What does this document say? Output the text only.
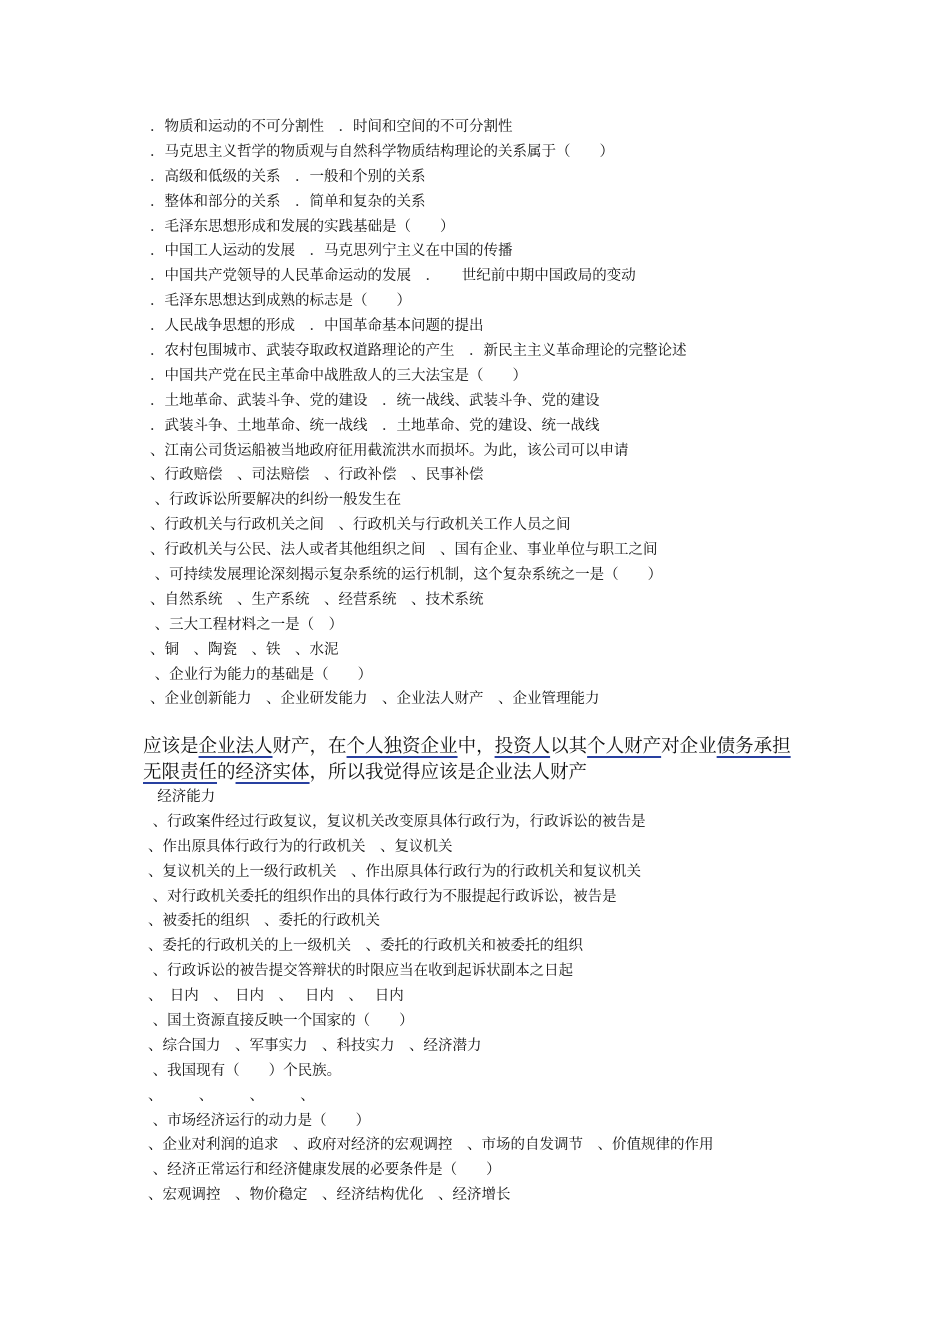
．物质和运动的不可分割性　．时间和空间的不可分割性
．马克思主义哲学的物质观与自然科学物质结构理论的关系属于（　　）
．高级和低级的关系　．一般和个别的关系
．整体和部分的关系　．简单和复杂的关系
．毛泽东思想形成和发展的实践基础是（　　）
．中国工人运动的发展　．马克思列宁主义在中国的传播
．中国共产党领导的人民革命运动的发展　．　　世纪前中期中国政局的变动
．毛泽东思想达到成熟的标志是（　　）
．人民战争思想的形成　．中国革命基本问题的提出
．农村包围城市、武装夺取政权道路理论的产生　．新民主主义革命理论的完整论述
．中国共产党在民主革命中战胜敌人的三大法宝是（　　）
．土地革命、武装斗争、党的建设　．统一战线、武装斗争、党的建设
．武装斗争、土地革命、统一战线　．土地革命、党的建设、统一战线
、江南公司货运船被当地政府征用截流洪水而损坏。为此，该公司可以申请
、行政赔偿　、司法赔偿　、行政补偿　、民事补偿
、行政诉讼所要解决的纠纷一般发生在
、行政机关与行政机关之间　、行政机关与行政机关工作人员之间
、行政机关与公民、法人或者其他组织之间　、国有企业、事业单位与职工之间
、可持续发展理论深刻揭示复杂系统的运行机制，这个复杂系统之一是（　　）
、自然系统　、生产系统　、经营系统　、技术系统
、三大工程材料之一是（　）
、铜　、陶瓷　、铁　、水泥
、企业行为能力的基础是（　　）
、企业创新能力　、企业研发能力　、企业法人财产　、企业管理能力
应该是企业法人财产，在个人独资企业中，投资人以其个人财产对企业债务承担
无限责任的经济实体，所以我觉得应该是企业法人财产
经济能力
、行政案件经过行政复议，复议机关改变原具体行政行为，行政诉讼的被告是
、作出原具体行政行为的行政机关　、复议机关
、复议机关的上一级行政机关　、作出原具体行政行为的行政机关和复议机关
、对行政机关委托的组织作出的具体行政行为不服提起行政诉讼，被告是
、被委托的组织　、委托的行政机关
、委托的行政机关的上一级机关　、委托的行政机关和被委托的组织
、行政诉讼的被告提交答辩状的时限应当在收到起诉状副本之日起
、　日内　、　日内　、　 日内　、　 日内
、国土资源直接反映一个国家的（　　）
、综合国力　、军事实力　、科技实力　、经济潜力
、我国现有（　　）个民族。
、　　　、　　　、　　　、
、市场经济运行的动力是（　　）
、企业对利润的追求　、政府对经济的宏观调控　、市场的自发调节　、价值规律的作用
、经济正常运行和经济健康发展的必要条件是（　　）
、宏观调控　、物价稳定　、经济结构优化　、经济增长
